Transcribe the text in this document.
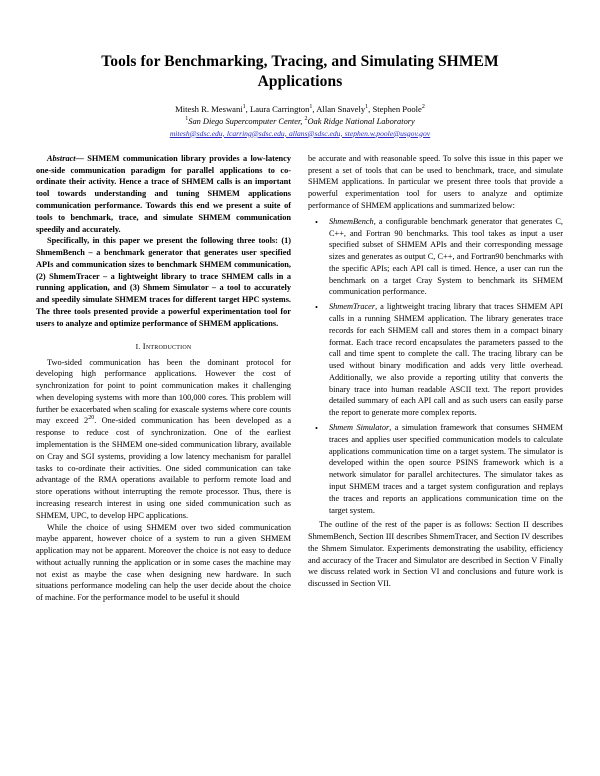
Tools for Benchmarking, Tracing, and Simulating SHMEM Applications
Mitesh R. Meswani$^1$, Laura Carrington$^1$, Allan Snavely$^1$, Stephen Poole$^2$
$^1$San Diego Supercomputer Center, $^2$Oak Ridge National Laboratory
mitesh@sdsc.edu, lcarring@sdsc.edu, allans@sdsc.edu, stephen.w.poole@usgov.gov

Abstract— SHMEM communication library provides a low-latency one-side communication paradigm for parallel applications to co-ordinate their activity. Hence a trace of SHMEM calls is an important tool towards understanding and tuning SHMEM applications communication performance. Towards this end we present a suite of tools to benchmark, trace, and simulate SHMEM communication speedily and accurately.

Specifically, in this paper we present the following three tools: (1) ShmemBench – a benchmark generator that generates user specified APIs and communication sizes to benchmark SHMEM communication, (2) ShmemTracer – a lightweight library to trace SHMEM calls in a running application, and (3) Shmem Simulator – a tool to accurately and speedily simulate SHMEM traces for different target HPC systems. The three tools presented provide a powerful experimentation tool for users to analyze and optimize performance of SHMEM applications.

I. Introduction

Two-sided communication has been the dominant protocol for developing high performance applications. However the cost of synchronization for point to point communication makes it challenging when developing systems with more than 100,000 cores. This problem will further be exacerbated when scaling for exascale systems where core counts may exceed $2^{20}$. One-sided communication has been developed as a response to reduce cost of synchronization. One of the earliest implementation is the SHMEM one-sided communication library, available on Cray and SGI systems, providing a low latency mechanism for parallel tasks to co-ordinate their activities. One sided communication can take advantage of the RMA operations available to perform remote load and store operations without interrupting the remote processor. Thus, there is increasing research interest in using one sided communication such as SHMEM, UPC, to develop HPC applications.

While the choice of using SHMEM over two sided communication maybe apparent, however choice of a system to run a given SHMEM application may not be apparent. Moreover the choice is not easy to deduce without actually running the application or in some cases the machine may not exist as maybe the case when designing new hardware. In such situations performance modeling can help the user decide about the choice of machine. For the performance model to be useful it should

be accurate and with reasonable speed. To solve this issue in this paper we present a set of tools that can be used to benchmark, trace, and simulate SHMEM applications. In particular we present three tools that provide a powerful experimentation tool for users to analyze and optimize performance of SHMEM applications and summarized below:

• ShmemBench, a configurable benchmark generator that generates C, C++, and Fortran 90 benchmarks. This tool takes as input a user specified subset of SHMEM APIs and their corresponding message sizes and generates as output C, C++, and Fortran90 benchmarks with the specific APIs; each API call is timed. Hence, a user can run the benchmark on a target Cray System to benchmark its SHMEM communication performance.
• ShmemTracer, a lightweight tracing library that traces SHMEM API calls in a running SHMEM application. The library generates trace records for each SHMEM call and stores them in a compact binary format. Each trace record encapsulates the parameters passed to the call and time spent to complete the call. The tracing library can be used without binary modification and adds very little overhead. Additionally, we also provide a reporting utility that converts the binary trace into human readable ASCII text. The report provides detailed summary of each API call and as such users can easily parse the report to generate more complex reports.
• Shmem Simulator, a simulation framework that consumes SHMEM traces and applies user specified communication models to calculate applications communication time on a target system. The simulator is developed within the open source PSINS framework which is a network simulator for parallel architectures. The simulator takes as input SHMEM traces and a target system configuration and replays the traces and reports an applications communication time on the target system.

The outline of the rest of the paper is as follows: Section II describes ShmemBench, Section III describes ShmemTracer, and Section IV describes the Shmem Simulator. Experiments demonstrating the usability, efficiency and accuracy of the Tracer and Simulator are described in Section V Finally we discuss related work in Section VI and conclusions and future work is discussed in Section VII.
